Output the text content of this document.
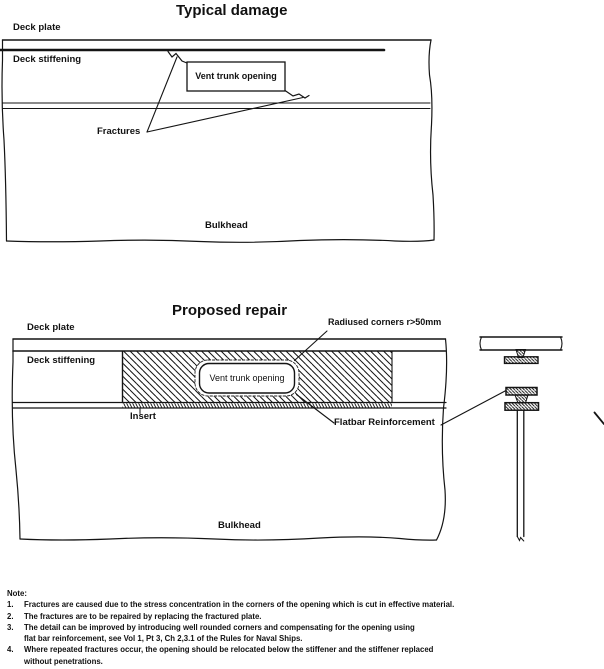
Typical damage
Deck plate
Deck stiffening
Vent trunk opening
Fractures
Bulkhead
Proposed repair
Deck plate
Deck stiffening
Vent trunk opening
Insert
Radiused corners r>50mm
Flatbar Reinforcement
Bulkhead
Note:
1.	Fractures are caused due to the stress concentration in the corners of the opening which is cut in effective material.
2.	The fractures are to be repaired by replacing the fractured plate.
3.	The detail can be improved by introducing well rounded corners and compensating for the opening using
flat bar reinforcement, see Vol 1, Pt 3, Ch 2,3.1 of the Rules for Naval Ships.
4.	Where repeated fractures occur, the opening should be relocated below the stiffener and the stiffener replaced
without penetrations.
